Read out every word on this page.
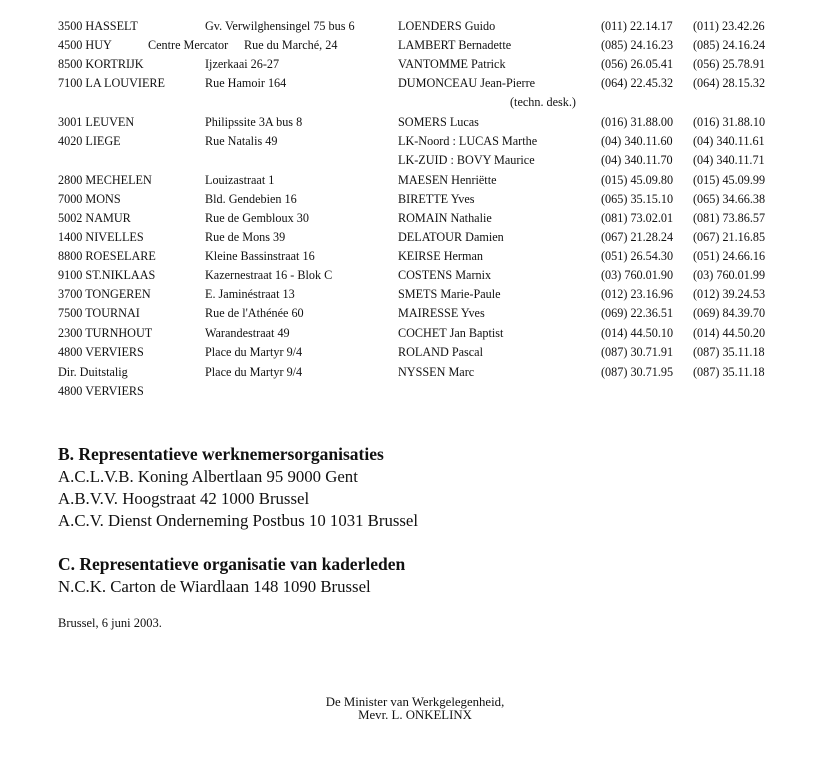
3500 HASSELT	Gv. Verwilghensingel 75 bus 6	LOENDERS Guido	(011) 22.14.17 (011) 23.42.26
4500 HUY	Centre Mercator Rue du Marché, 24	LAMBERT Bernadette	(085) 24.16.23 (085) 24.16.24
8500 KORTRIJK	Ijzerkaai 26-27	VANTOMME Patrick	(056) 26.05.41 (056) 25.78.91
7100 LA LOUVIERE	Rue Hamoir 164	DUMONCEAU Jean-Pierre	(064) 22.45.32 (064) 28.15.32
(techn. desk.)
3001 LEUVEN	Philipssite 3A bus 8	SOMERS Lucas	(016) 31.88.00 (016) 31.88.10
4020 LIEGE	Rue Natalis 49	LK-Noord : LUCAS Marthe	(04) 340.11.60 (04) 340.11.61
LK-ZUID : BOVY Maurice	(04) 340.11.70 (04) 340.11.71
2800 MECHELEN	Louizastraat 1	MAESEN Henriëtte	(015) 45.09.80 (015) 45.09.99
7000 MONS	Bld. Gendebien 16	BIRETTE Yves	(065) 35.15.10 (065) 34.66.38
5002 NAMUR	Rue de Gembloux 30	ROMAIN Nathalie	(081) 73.02.01 (081) 73.86.57
1400 NIVELLES	Rue de Mons 39	DELATOUR Damien	(067) 21.28.24 (067) 21.16.85
8800 ROESELARE	Kleine Bassinstraat 16	KEIRSE Herman	(051) 26.54.30 (051) 24.66.16
9100 ST.NIKLAAS	Kazernestraat 16 - Blok C	COSTENS Marnix	(03) 760.01.90 (03) 760.01.99
3700 TONGEREN	E. Jaminéstraat 13	SMETS Marie-Paule	(012) 23.16.96 (012) 39.24.53
7500 TOURNAI	Rue de l'Athénée 60	MAIRESSE Yves	(069) 22.36.51 (069) 84.39.70
2300 TURNHOUT	Warandestraat 49	COCHET Jan Baptist	(014) 44.50.10 (014) 44.50.20
4800 VERVIERS	Place du Martyr 9/4	ROLAND Pascal	(087) 30.71.91 (087) 35.11.18
Dir. Duitstalig	Place du Martyr 9/4	NYSSEN Marc	(087) 30.71.95 (087) 35.11.18
4800 VERVIERS
B. Representatieve werknemersorganisaties
A.C.L.V.B. Koning Albertlaan 95 9000 Gent
A.B.V.V. Hoogstraat 42 1000 Brussel
A.C.V. Dienst Onderneming Postbus 10 1031 Brussel
C. Representatieve organisatie van kaderleden
N.C.K. Carton de Wiardlaan 148 1090 Brussel
Brussel, 6 juni 2003.
De Minister van Werkgelegenheid,
Mevr. L. ONKELINX
